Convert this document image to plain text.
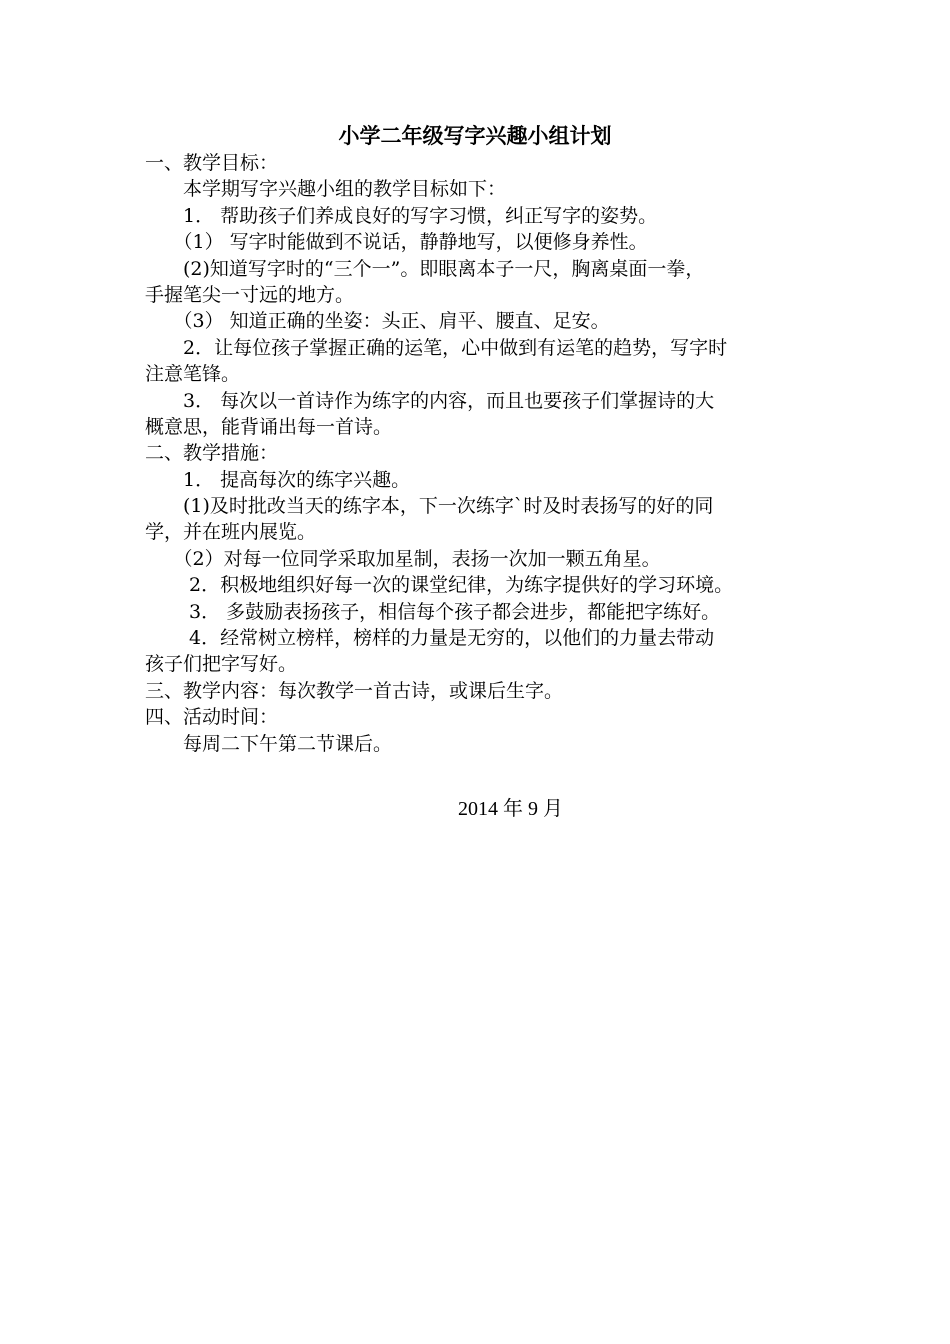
小学二年级写字兴趣小组计划
一、教学目标：
　　本学期写字兴趣小组的教学目标如下：
　　1． 帮助孩子们养成良好的写字习惯，纠正写字的姿势。
　　（1） 写字时能做到不说话，静静地写，以便修身养性。
　　(2)知道写字时的“三个一”。即眼离本子一尺，胸离桌面一拳，
手握笔尖一寸远的地方。
　　（3） 知道正确的坐姿：头正、肩平、腰直、足安。
　　2．让每位孩子掌握正确的运笔，心中做到有运笔的趋势，写字时
注意笔锋。
　　3． 每次以一首诗作为练字的内容，而且也要孩子们掌握诗的大
概意思，能背诵出每一首诗。
二、教学措施：
　　1． 提高每次的练字兴趣。
　　(1)及时批改当天的练字本，下一次练字`时及时表扬写的好的同
学，并在班内展览。
　　（2）对每一位同学采取加星制，表扬一次加一颗五角星。
　　 2．积极地组织好每一次的课堂纪律，为练字提供好的学习环境。
　　 3． 多鼓励表扬孩子，相信每个孩子都会进步，都能把字练好。
　　 4．经常树立榜样，榜样的力量是无穷的，以他们的力量去带动
孩子们把字写好。
三、教学内容：每次教学一首古诗，或课后生字。
四、活动时间：
　　每周二下午第二节课后。
2014 年 9 月
